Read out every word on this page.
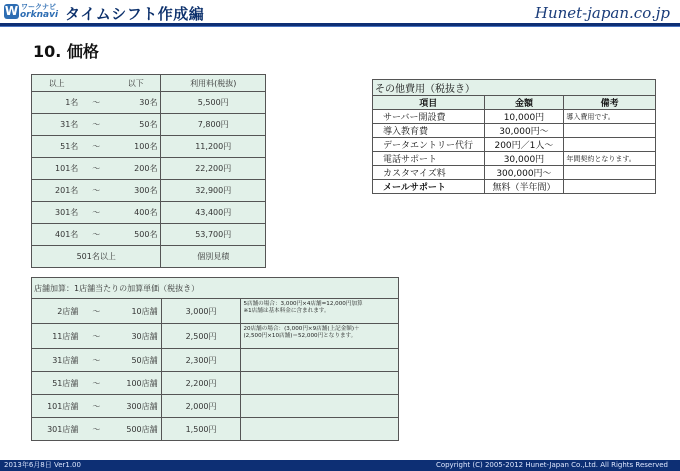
W ワークナビ
orknavi タイムシフト作成編	Hunet-japan.co.jp
10. 価格
以上		以下	利用料(税抜)
1名	～	30名	5,500円
31名	～	50名	7,800円
51名	～	100名	11,200円
101名	～	200名	22,200円
201名	～	300名	32,900円
301名	～	400名	43,400円
401名	～	500名	53,700円
501名以上			個別見積
その他費用（税抜き）		
項目	金額	備考
サーバー開設費	10,000円	導入費用です。
導入教育費	30,000円～	
データエントリー代行	200円／1人～	
電話サポート	30,000円	年間契約となります。
カスタマイズ料	300,000円～	
メールサポート	無料（半年間）	
店舗加算：1店舗当たりの加算単価（税抜き）				
2店舗	～	10店舗	3,000円	5店舗の場合：3,000円×4店舗=12,000円加算
※1店舗は基本料金に含まれます。

11店舗	～	30店舗	2,500円	20店舗の場合：(3,000円×9店舗(上記金額)＋
(2,500円×10店舗)＝52,000円となります。

31店舗	～	50店舗	2,300円	
51店舗	～	100店舗	2,200円	
101店舗	～	300店舗	2,000円	
301店舗	～	500店舗	1,500円	
2013年6月8日 Ver1.00	Copyright (C) 2005-2012 Hunet-Japan Co.,Ltd. All Rights Reserved
